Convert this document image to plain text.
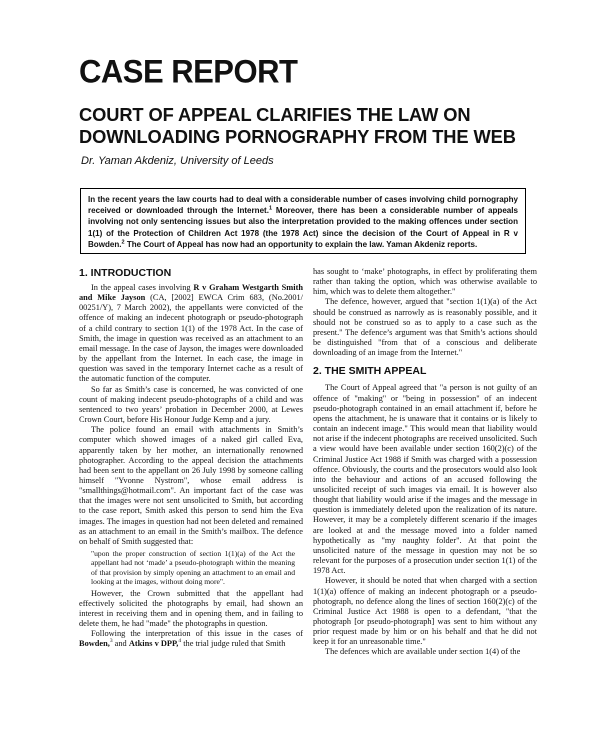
CASE REPORT
COURT OF APPEAL CLARIFIES THE LAW ON DOWNLOADING PORNOGRAPHY FROM THE WEB
Dr. Yaman Akdeniz, University of Leeds

In the recent years the law courts had to deal with a considerable number of cases involving child pornography received or downloaded through the Internet.$^1$ Moreover, there has been a considerable number of appeals involving not only sentencing issues but also the interpretation provided to the making offences under section 1(1) of the Protection of Children Act 1978 (the 1978 Act) since the decision of the Court of Appeal in R v Bowden.$^2$ The Court of Appeal has now had an opportunity to explain the law. Yaman Akdeniz reports.

1. INTRODUCTION

In the appeal cases involving R v Graham Westgarth Smith and Mike Jayson (CA, [2002] EWCA Crim 683, (No.2001/ 00251/Y), 7 March 2002), the appellants were convicted of the offence of making an indecent photograph or pseudo-photograph of a child contrary to section 1(1) of the 1978 Act. In the case of Smith, the image in question was received as an attachment to an email message. In the case of Jayson, the images were downloaded by the appellant from the Internet. In each case, the image in question was saved in the temporary Internet cache as a result of the automatic function of the computer.

So far as Smith’s case is concerned, he was convicted of one count of making indecent pseudo-photographs of a child and was sentenced to two years’ probation in December 2000, at Lewes Crown Court, before His Honour Judge Kemp and a jury.

The police found an email with attachments in Smith’s computer which showed images of a naked girl called Eva, apparently taken by her mother, an internationally renowned photographer. According to the appeal decision the attachments had been sent to the appellant on 26 July 1998 by someone calling himself "Yvonne Nystrom", whose email address is "smallthings@hotmail.com". An important fact of the case was that the images were not sent unsolicited to Smith, but according to the case report, Smith asked this person to send him the Eva images. The images in question had not been deleted and remained as an attachment to an email in the Smith’s mailbox. The defence on behalf of Smith suggested that:

"upon the proper construction of section 1(1)(a) of the Act the appellant had not ‘made’ a pseudo-photograph within the meaning of that provision by simply opening an attachment to an email and looking at the images, without doing more".

However, the Crown submitted that the appellant had effectively solicited the photographs by email, had shown an interest in receiving them and in opening them, and in failing to delete them, he had "made" the photographs in question.

Following the interpretation of this issue in the cases of Bowden,$^3$ and Atkins v DPP,$^4$ the trial judge ruled that Smith

has sought to ‘make’ photographs, in effect by proliferating them rather than taking the option, which was otherwise available to him, which was to delete them altogether."

The defence, however, argued that "section 1(1)(a) of the Act should be construed as narrowly as is reasonably possible, and it should not be construed so as to apply to a case such as the present." The defence’s argument was that Smith’s actions should be distinguished "from that of a conscious and deliberate downloading of an image from the Internet."

2. THE SMITH APPEAL

The Court of Appeal agreed that "a person is not guilty of an offence of "making" or "being in possession" of an indecent pseudo-photograph contained in an email attachment if, before he opens the attachment, he is unaware that it contains or is likely to contain an indecent image." This would mean that liability would not arise if the indecent photographs are received unsolicited. Such a view would have been available under section 160(2)(c) of the Criminal Justice Act 1988 if Smith was charged with a possession offence. Obviously, the courts and the prosecutors would also look into the behaviour and actions of an accused following the unsolicited receipt of such images via email. It is however also thought that liability would arise if the images and the message in question is immediately deleted upon the realization of its nature. However, it may be a completely different scenario if the images are looked at and the message moved into a folder named hypothetically as "my naughty folder". At that point the unsolicited nature of the message in question may not be so relevant for the purposes of a prosecution under section 1(1) of the 1978 Act.

However, it should be noted that when charged with a section 1(1)(a) offence of making an indecent photograph or a pseudo-photograph, no defence along the lines of section 160(2)(c) of the Criminal Justice Act 1988 is open to a defendant, "that the photograph [or pseudo-photograph] was sent to him without any prior request made by him or on his behalf and that he did not keep it for an unreasonable time."

The defences which are available under section 1(4) of the
